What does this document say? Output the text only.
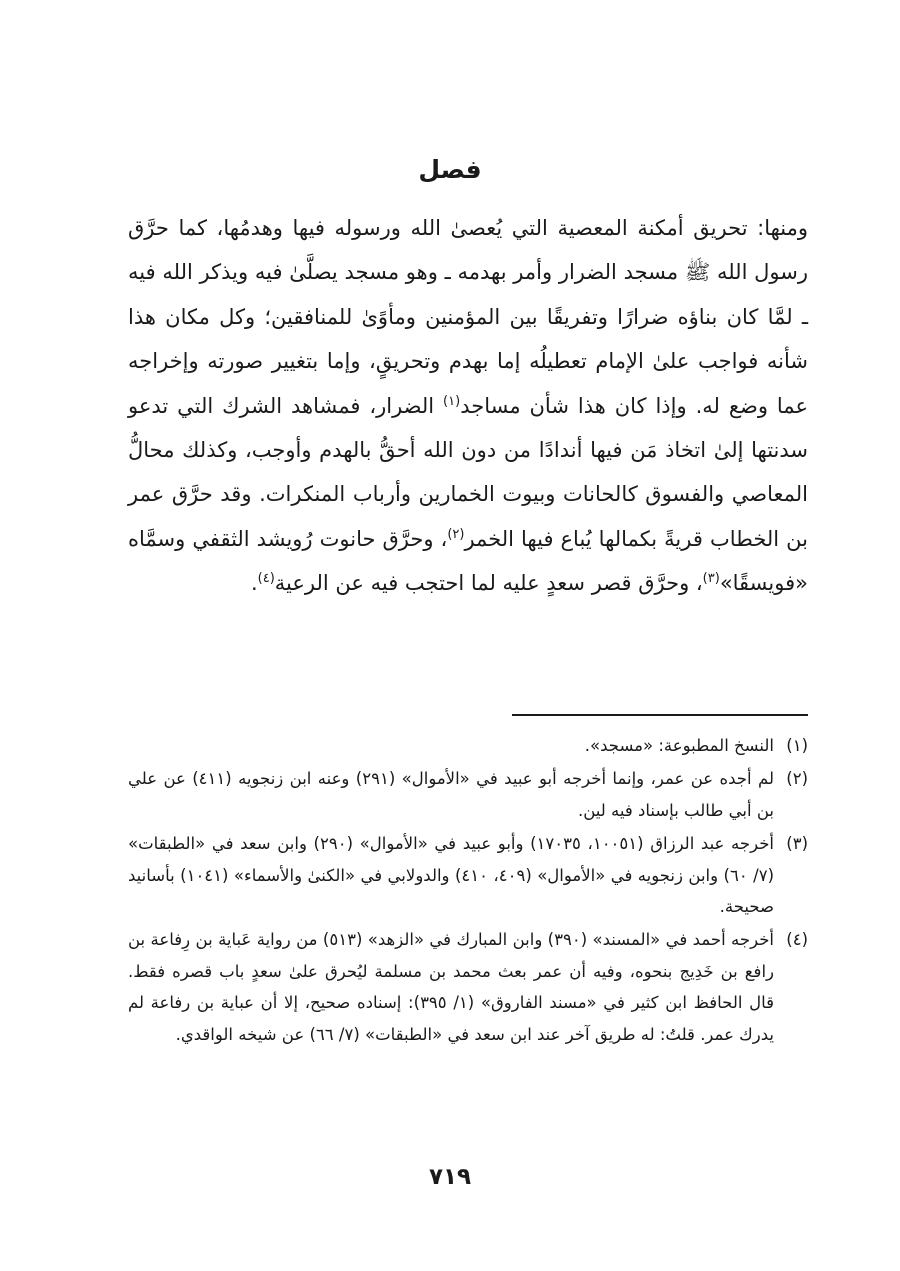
فصل

ومنها: تحريق أمكنة المعصية التي يُعصىٰ الله ورسوله فيها وهدمُها، كما حرَّق رسول الله ﷺ مسجد الضرار وأمر بهدمه ـ وهو مسجد يصلَّىٰ فيه ويذكر الله فيه ـ لمَّا كان بناؤه ضرارًا وتفريقًا بين المؤمنين ومأوًىٰ للمنافقين؛ وكل مكان هذا شأنه فواجب علىٰ الإمام تعطيلُه إما بهدم وتحريقٍ، وإما بتغيير صورته وإخراجه عما وضع له. وإذا كان هذا شأن مساجد$^{(١)}$ الضرار، فمشاهد الشرك التي تدعو سدنتها إلىٰ اتخاذ مَن فيها أندادًا من دون الله أحقُّ بالهدم وأوجب، وكذلك محالُّ المعاصي والفسوق كالحانات وبيوت الخمارين وأرباب المنكرات. وقد حرَّق عمر بن الخطاب قريةً بكمالها يُباع فيها الخمر$^{(٢)}$، وحرَّق حانوت رُويشد الثقفي وسمَّاه «فويسقًا»$^{(٣)}$، وحرَّق قصر سعدٍ عليه لما احتجب فيه عن الرعية$^{(٤)}$.

(١)
النسخ المطبوعة: «مسجد».
(٢)
لم أجده عن عمر، وإنما أخرجه أبو عبيد في «الأموال» (٢٩١) وعنه ابن زنجويه (٤١١) عن علي بن أبي طالب بإسناد فيه لين.
(٣)
أخرجه عبد الرزاق (١٠٠٥١، ١٧٠٣٥) وأبو عبيد في «الأموال» (٢٩٠) وابن سعد في «الطبقات» (٧/ ٦٠) وابن زنجويه في «الأموال» (٤٠٩، ٤١٠) والدولابي في «الكنىٰ والأسماء» (١٠٤١) بأسانيد صحيحة.
(٤)
أخرجه أحمد في «المسند» (٣٩٠) وابن المبارك في «الزهد» (٥١٣) من رواية عَباية بن رِفاعة بن رافع بن خَدِيج بنحوه، وفيه أن عمر بعث محمد بن مسلمة ليُحرق علىٰ سعدٍ باب قصره فقط. قال الحافظ ابن كثير في «مسند الفاروق» (١/ ٣٩٥): إسناده صحيح، إلا أن عباية بن رفاعة لم يدرك عمر. قلتُ: له طريق آخر عند ابن سعد في «الطبقات» (٧/ ٦٦) عن شيخه الواقدي.
٧١٩
